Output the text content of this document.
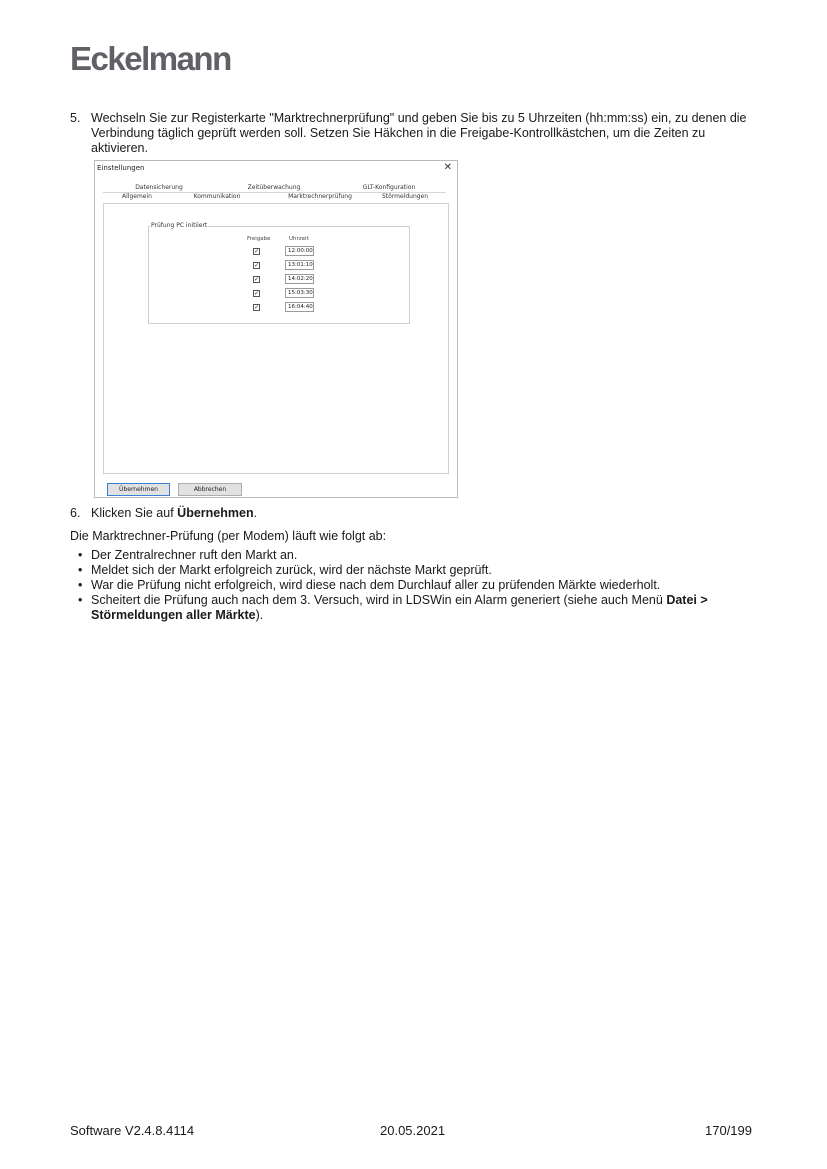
Eckelmann
5. Wechseln Sie zur Registerkarte "Marktrechnerprüfung" und geben Sie bis zu 5 Uhrzeiten (hh:mm:ss) ein, zu denen die Verbindung täglich geprüft werden soll. Setzen Sie Häkchen in die Freigabe-Kontrollkästchen, um die Zeiten zu aktivieren.
Einstellungen	✕
Datensicherung	Zeitüberwachung	GLT-Konfiguration
Allgemein	Kommunikation	Marktrechnerprüfung	Störmeldungen
Prüfung PC initiiert
Freigabe	Uhrzeit
✓	12:00:00
✓	13:01:10
✓	14:02:20
✓	15:03:30
✓	16:04:40
Übernehmen	Abbrechen
6. Klicken Sie auf Übernehmen.
Die Marktrechner-Prüfung (per Modem) läuft wie folgt ab:
• Der Zentralrechner ruft den Markt an.
• Meldet sich der Markt erfolgreich zurück, wird der nächste Markt geprüft.
• War die Prüfung nicht erfolgreich, wird diese nach dem Durchlauf aller zu prüfenden Märkte wiederholt.
• Scheitert die Prüfung auch nach dem 3. Versuch, wird in LDSWin ein Alarm generiert (siehe auch Menü Datei > Störmeldungen aller Märkte).
Software V2.4.8.4114	20.05.2021	170/199
